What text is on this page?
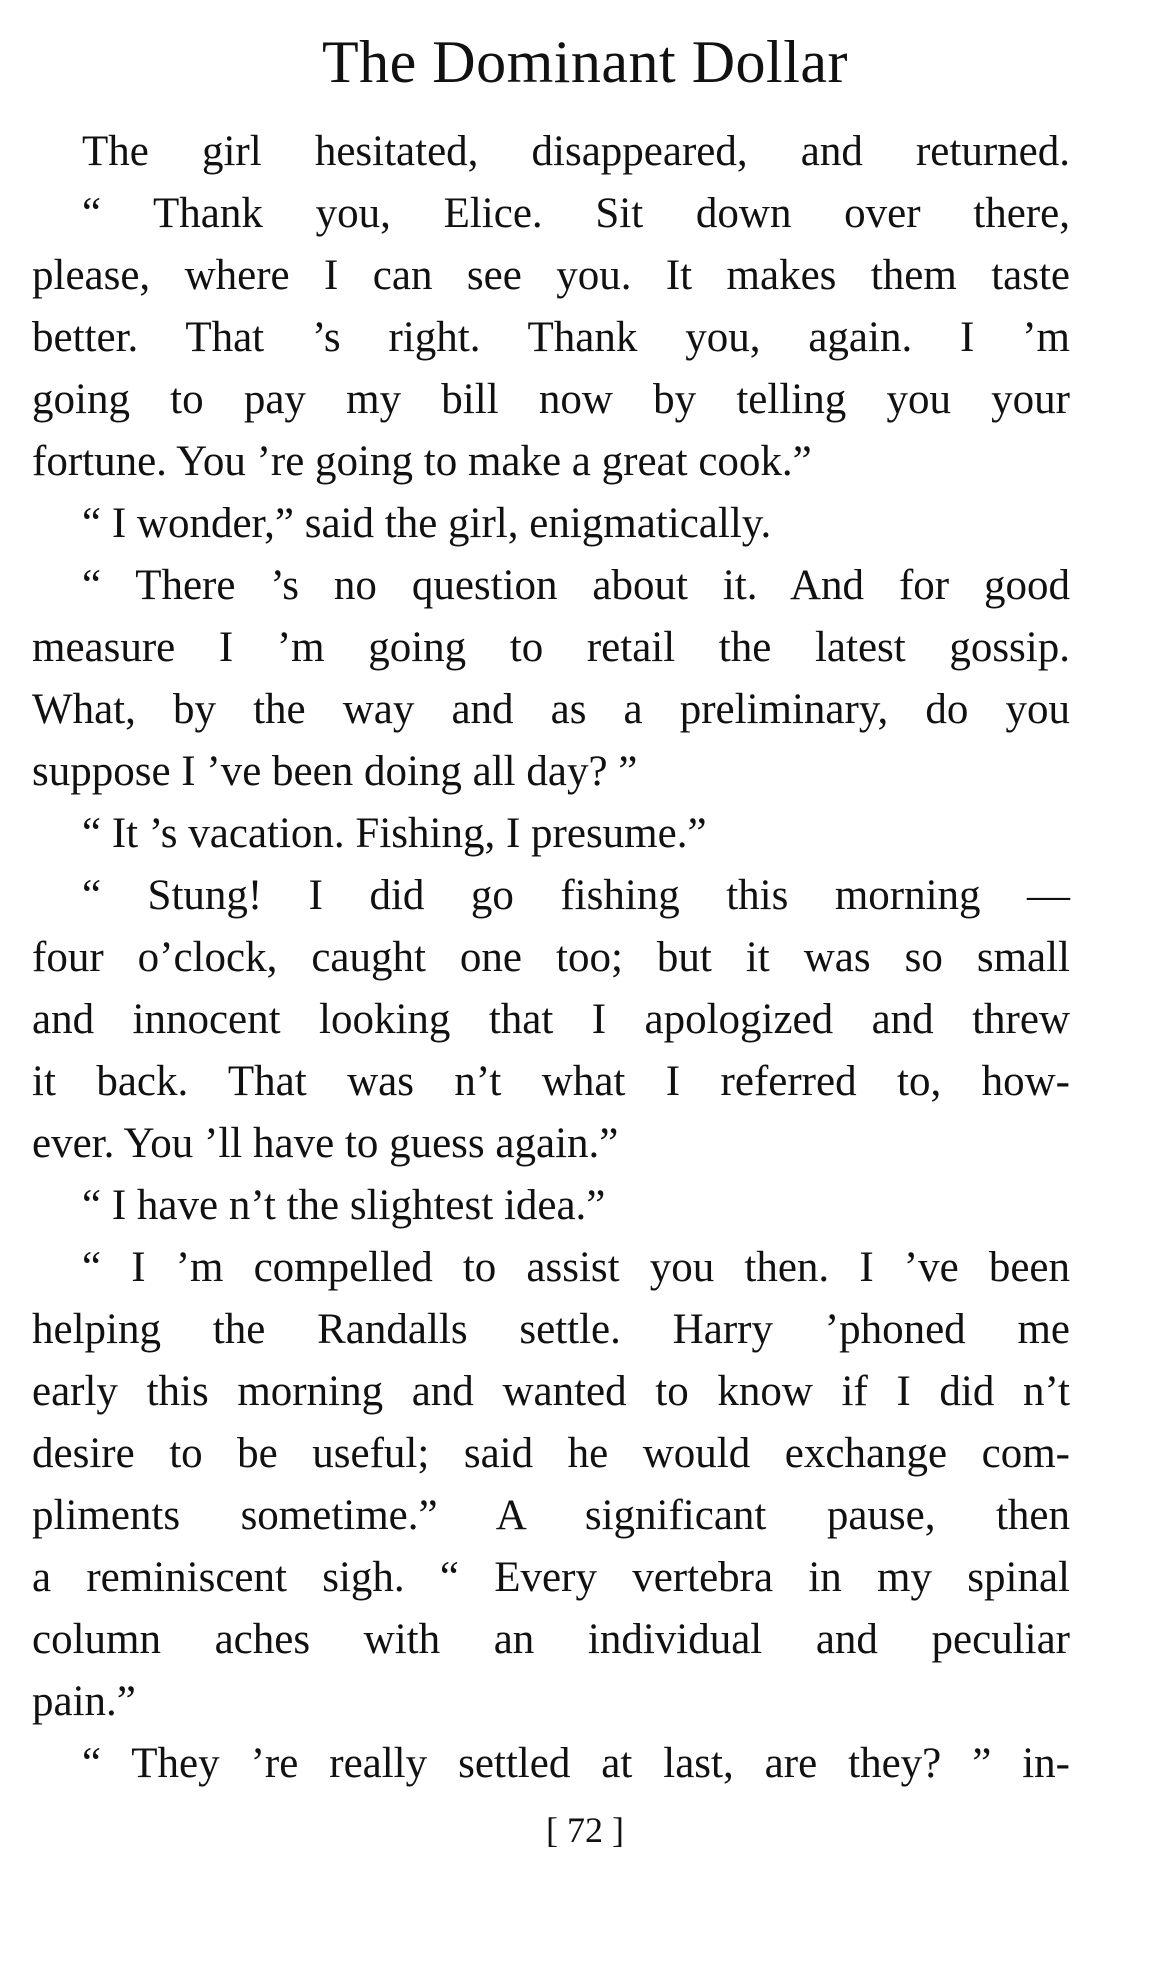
The Dominant Dollar
The girl hesitated, disappeared, and returned.
“ Thank you, Elice. Sit down over there,
please, where I can see you. It makes them taste
better. That ’s right. Thank you, again. I ’m
going to pay my bill now by telling you your
fortune. You ’re going to make a great cook.”
“ I wonder,” said the girl, enigmatically.
“ There ’s no question about it. And for good
measure I ’m going to retail the latest gossip.
What, by the way and as a preliminary, do you
suppose I ’ve been doing all day? ”
“ It ’s vacation. Fishing, I presume.”
“ Stung! I did go fishing this morning —
four o’clock, caught one too; but it was so small
and innocent looking that I apologized and threw
it back. That was n’t what I referred to, how-
ever. You ’ll have to guess again.”
“ I have n’t the slightest idea.”
“ I ’m compelled to assist you then. I ’ve been
helping the Randalls settle. Harry ’phoned me
early this morning and wanted to know if I did n’t
desire to be useful; said he would exchange com-
pliments sometime.” A significant pause, then
a reminiscent sigh. “ Every vertebra in my spinal
column aches with an individual and peculiar
pain.”
“ They ’re really settled at last, are they? ” in-
[ 72 ]
